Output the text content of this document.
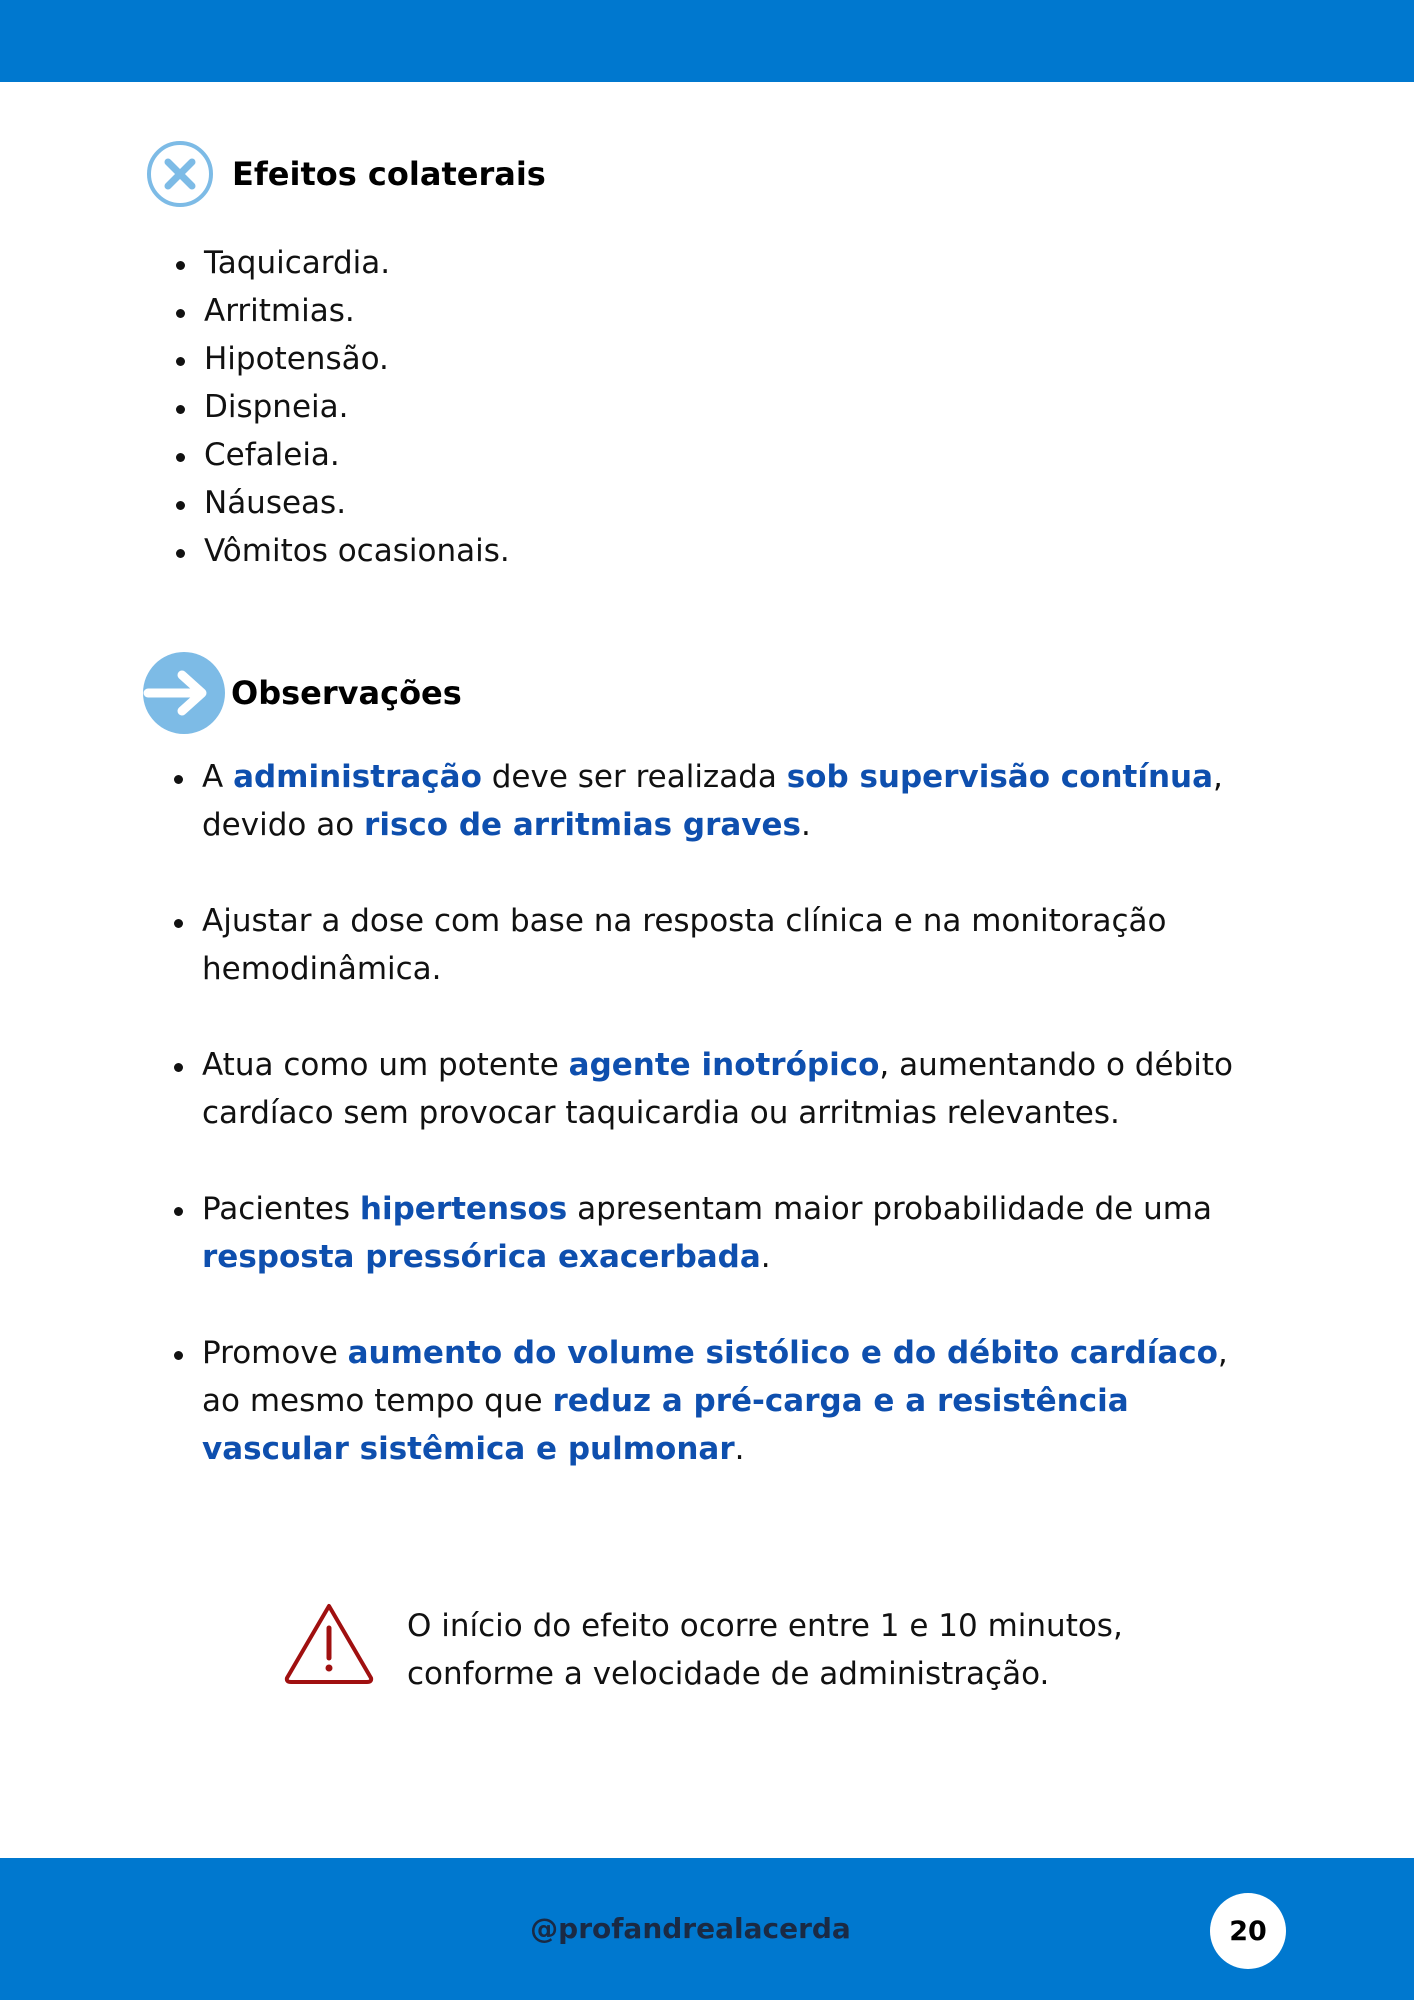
Efeitos colaterais
Taquicardia.
Arritmias.
Hipotensão.
Dispneia.
Cefaleia.
Náuseas.
Vômitos ocasionais.
Observações
A administração deve ser realizada sob supervisão contínua, devido ao risco de arritmias graves.
Ajustar a dose com base na resposta clínica e na monitoração hemodinâmica.
Atua como um potente agente inotrópico, aumentando o débito cardíaco sem provocar taquicardia ou arritmias relevantes.
Pacientes hipertensos apresentam maior probabilidade de uma resposta pressórica exacerbada.
Promove aumento do volume sistólico e do débito cardíaco, ao mesmo tempo que reduz a pré-carga e a resistência vascular sistêmica e pulmonar.
O início do efeito ocorre entre 1 e 10 minutos, conforme a velocidade de administração.
@profandrealacerda	20
